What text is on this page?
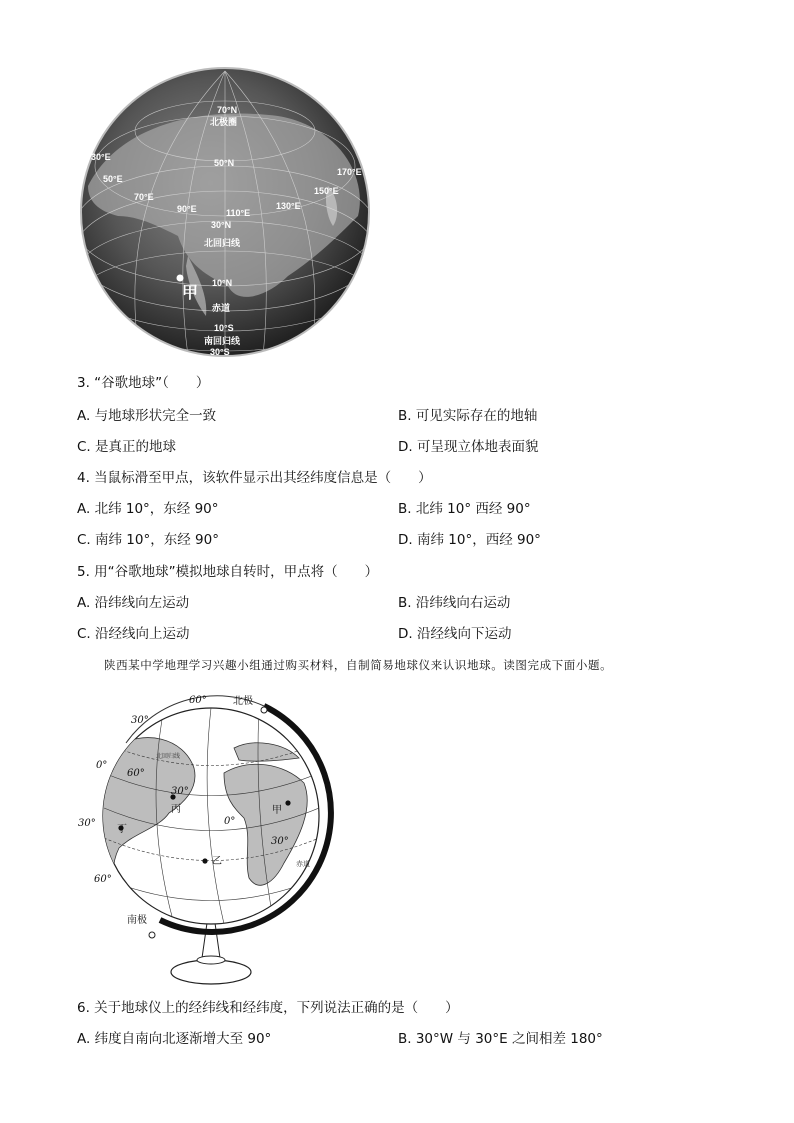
70°N
北极圈
30°E
50°E
50°N
70°E
90°E	110°E
130°E
150°E
170°E
30°N
北回归线
10°N
甲
赤道
10°S
南回归线
30°S
3. “谷歌地球”（　　）
A. 与地球形状完全一致	B. 可见实际存在的地轴
C. 是真正的地球	D. 可呈现立体地表面貌
4. 当鼠标滑至甲点，该软件显示出其经纬度信息是（　　）
A. 北纬 10°，东经 90°	B. 北纬 10° 西经 90°
C. 南纬 10°，东经 90°	D. 南纬 10°，西经 90°
5. 用“谷歌地球”模拟地球自转时，甲点将（　　）
A. 沿纬线向左运动	B. 沿纬线向右运动
C. 沿经线向上运动	D. 沿经线向下运动
陕西某中学地理学习兴趣小组通过购买材料，自制简易地球仪来认识地球。读图完成下面小题。
北极
南极
60°
30°
0°
60°
30°
30°
60°
0°
30°
北回归线
赤道
甲
乙
丙
丁
6. 关于地球仪上的经纬线和经纬度，下列说法正确的是（　　）
A. 纬度自南向北逐渐增大至 90°	B. 30°W 与 30°E 之间相差 180°
